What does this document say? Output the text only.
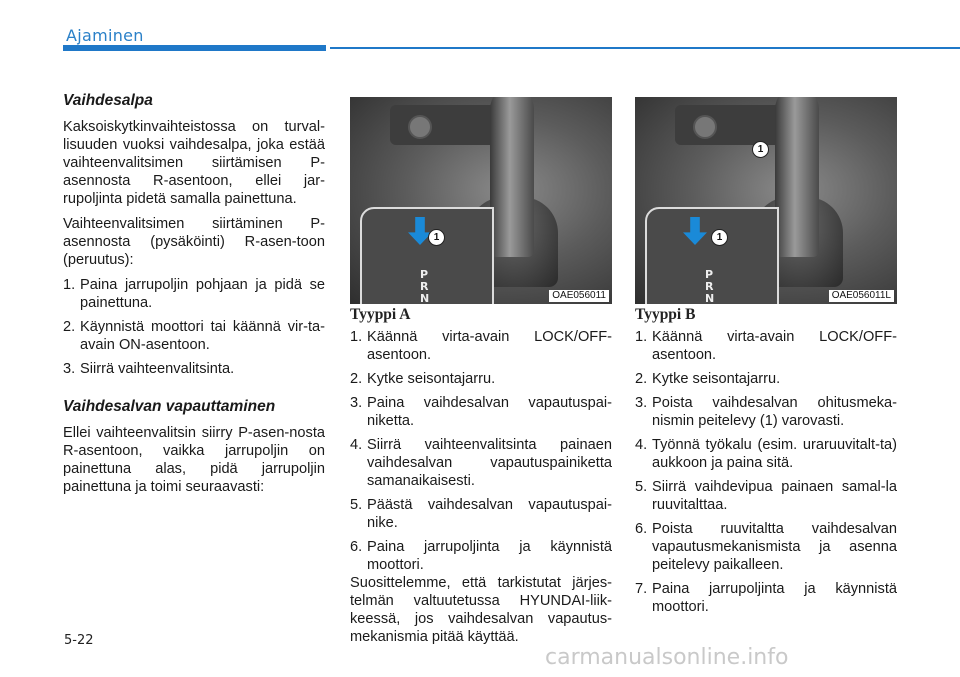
Ajaminen

Vaihdesalpa

Kaksoiskytkinvaihteistossa on turval-lisuuden vuoksi vaihdesalpa, joka estää vaihteenvalitsimen siirtämisen P-asennosta R-asentoon, ellei jar-rupoljinta pidetä samalla painettuna.

Vaihteenvalitsimen siirtäminen P-asennosta (pysäköinti) R-asen-toon (peruutus):

1. Paina jarrupoljin pohjaan ja pidä se painettuna.
2. Käynnistä moottori tai käännä vir-ta-avain ON-asentoon.
3. Siirrä vaihteenvalitsinta.

Vaihdesalvan vapauttaminen

Ellei vaihteenvalitsin siirry P-asen-nosta R-asentoon, vaikka jarrupoljin on painettuna alas, pidä jarrupoljin painettuna ja toimi seuraavasti:

1
P
R
N	OAE056011
1
1
P
R
N	OAE056011L

Tyyppi A

1. Käännä virta-avain LOCK/OFF-asentoon.
2. Kytke seisontajarru.
3. Paina vaihdesalvan vapautuspai-niketta.
4. Siirrä vaihteenvalitsinta painaen vaihdesalvan vapautuspainiketta samanaikaisesti.
5. Päästä vaihdesalvan vapautuspai-nike.
6. Paina jarrupoljinta ja käynnistä moottori.

Suosittelemme, että tarkistutat järjes-telmän valtuutetussa HYUNDAI-liik-keessä, jos vaihdesalvan vapautus-mekanismia pitää käyttää.

Tyyppi B

1. Käännä virta-avain LOCK/OFF-asentoon.
2. Kytke seisontajarru.
3. Poista vaihdesalvan ohitusmeka-nismin peitelevy (1) varovasti.
4. Työnnä työkalu (esim. uraruuvitalt-ta) aukkoon ja paina sitä.
5. Siirrä vaihdevipua painaen samal-la ruuvitalttaa.
6. Poista ruuvitaltta vaihdesalvan vapautusmekanismista ja asenna peitelevy paikalleen.
7. Paina jarrupoljinta ja käynnistä moottori.
5-22
carmanualsonline.info
